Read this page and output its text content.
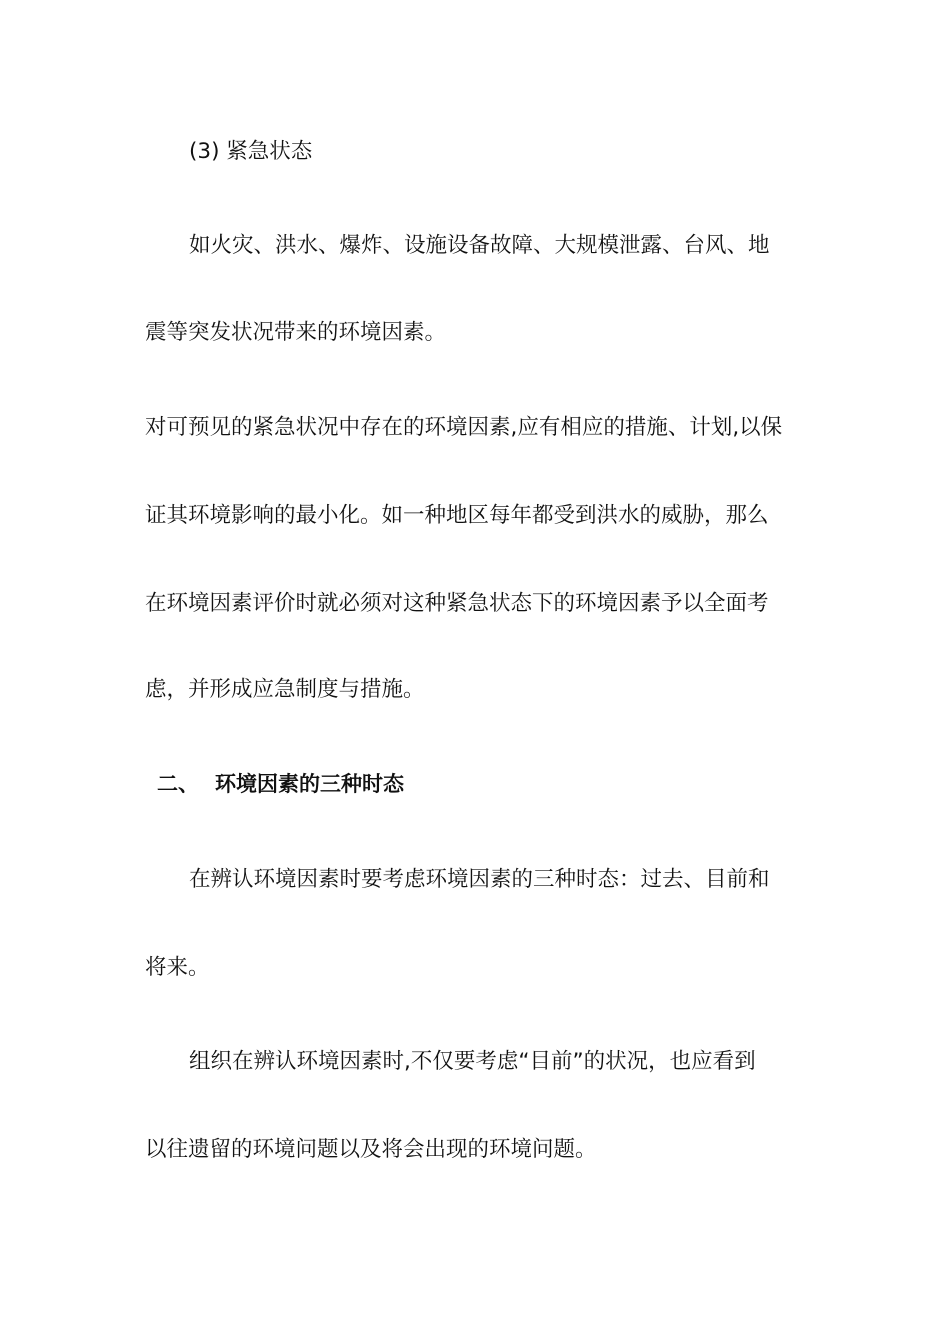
(3) 紧急状态
如火灾、洪水、爆炸、设施设备故障、大规模泄露、台风、地
震等突发状况带来的环境因素。
对可预见的紧急状况中存在的环境因素,应有相应的措施、计划,以保
证其环境影响的最小化。如一种地区每年都受到洪水的威胁，那么
在环境因素评价时就必须对这种紧急状态下的环境因素予以全面考
虑，并形成应急制度与措施。
二、 环境因素的三种时态
在辨认环境因素时要考虑环境因素的三种时态：过去、目前和
将来。
组织在辨认环境因素时,不仅要考虑“目前”的状况，也应看到
以往遗留的环境问题以及将会出现的环境问题。
